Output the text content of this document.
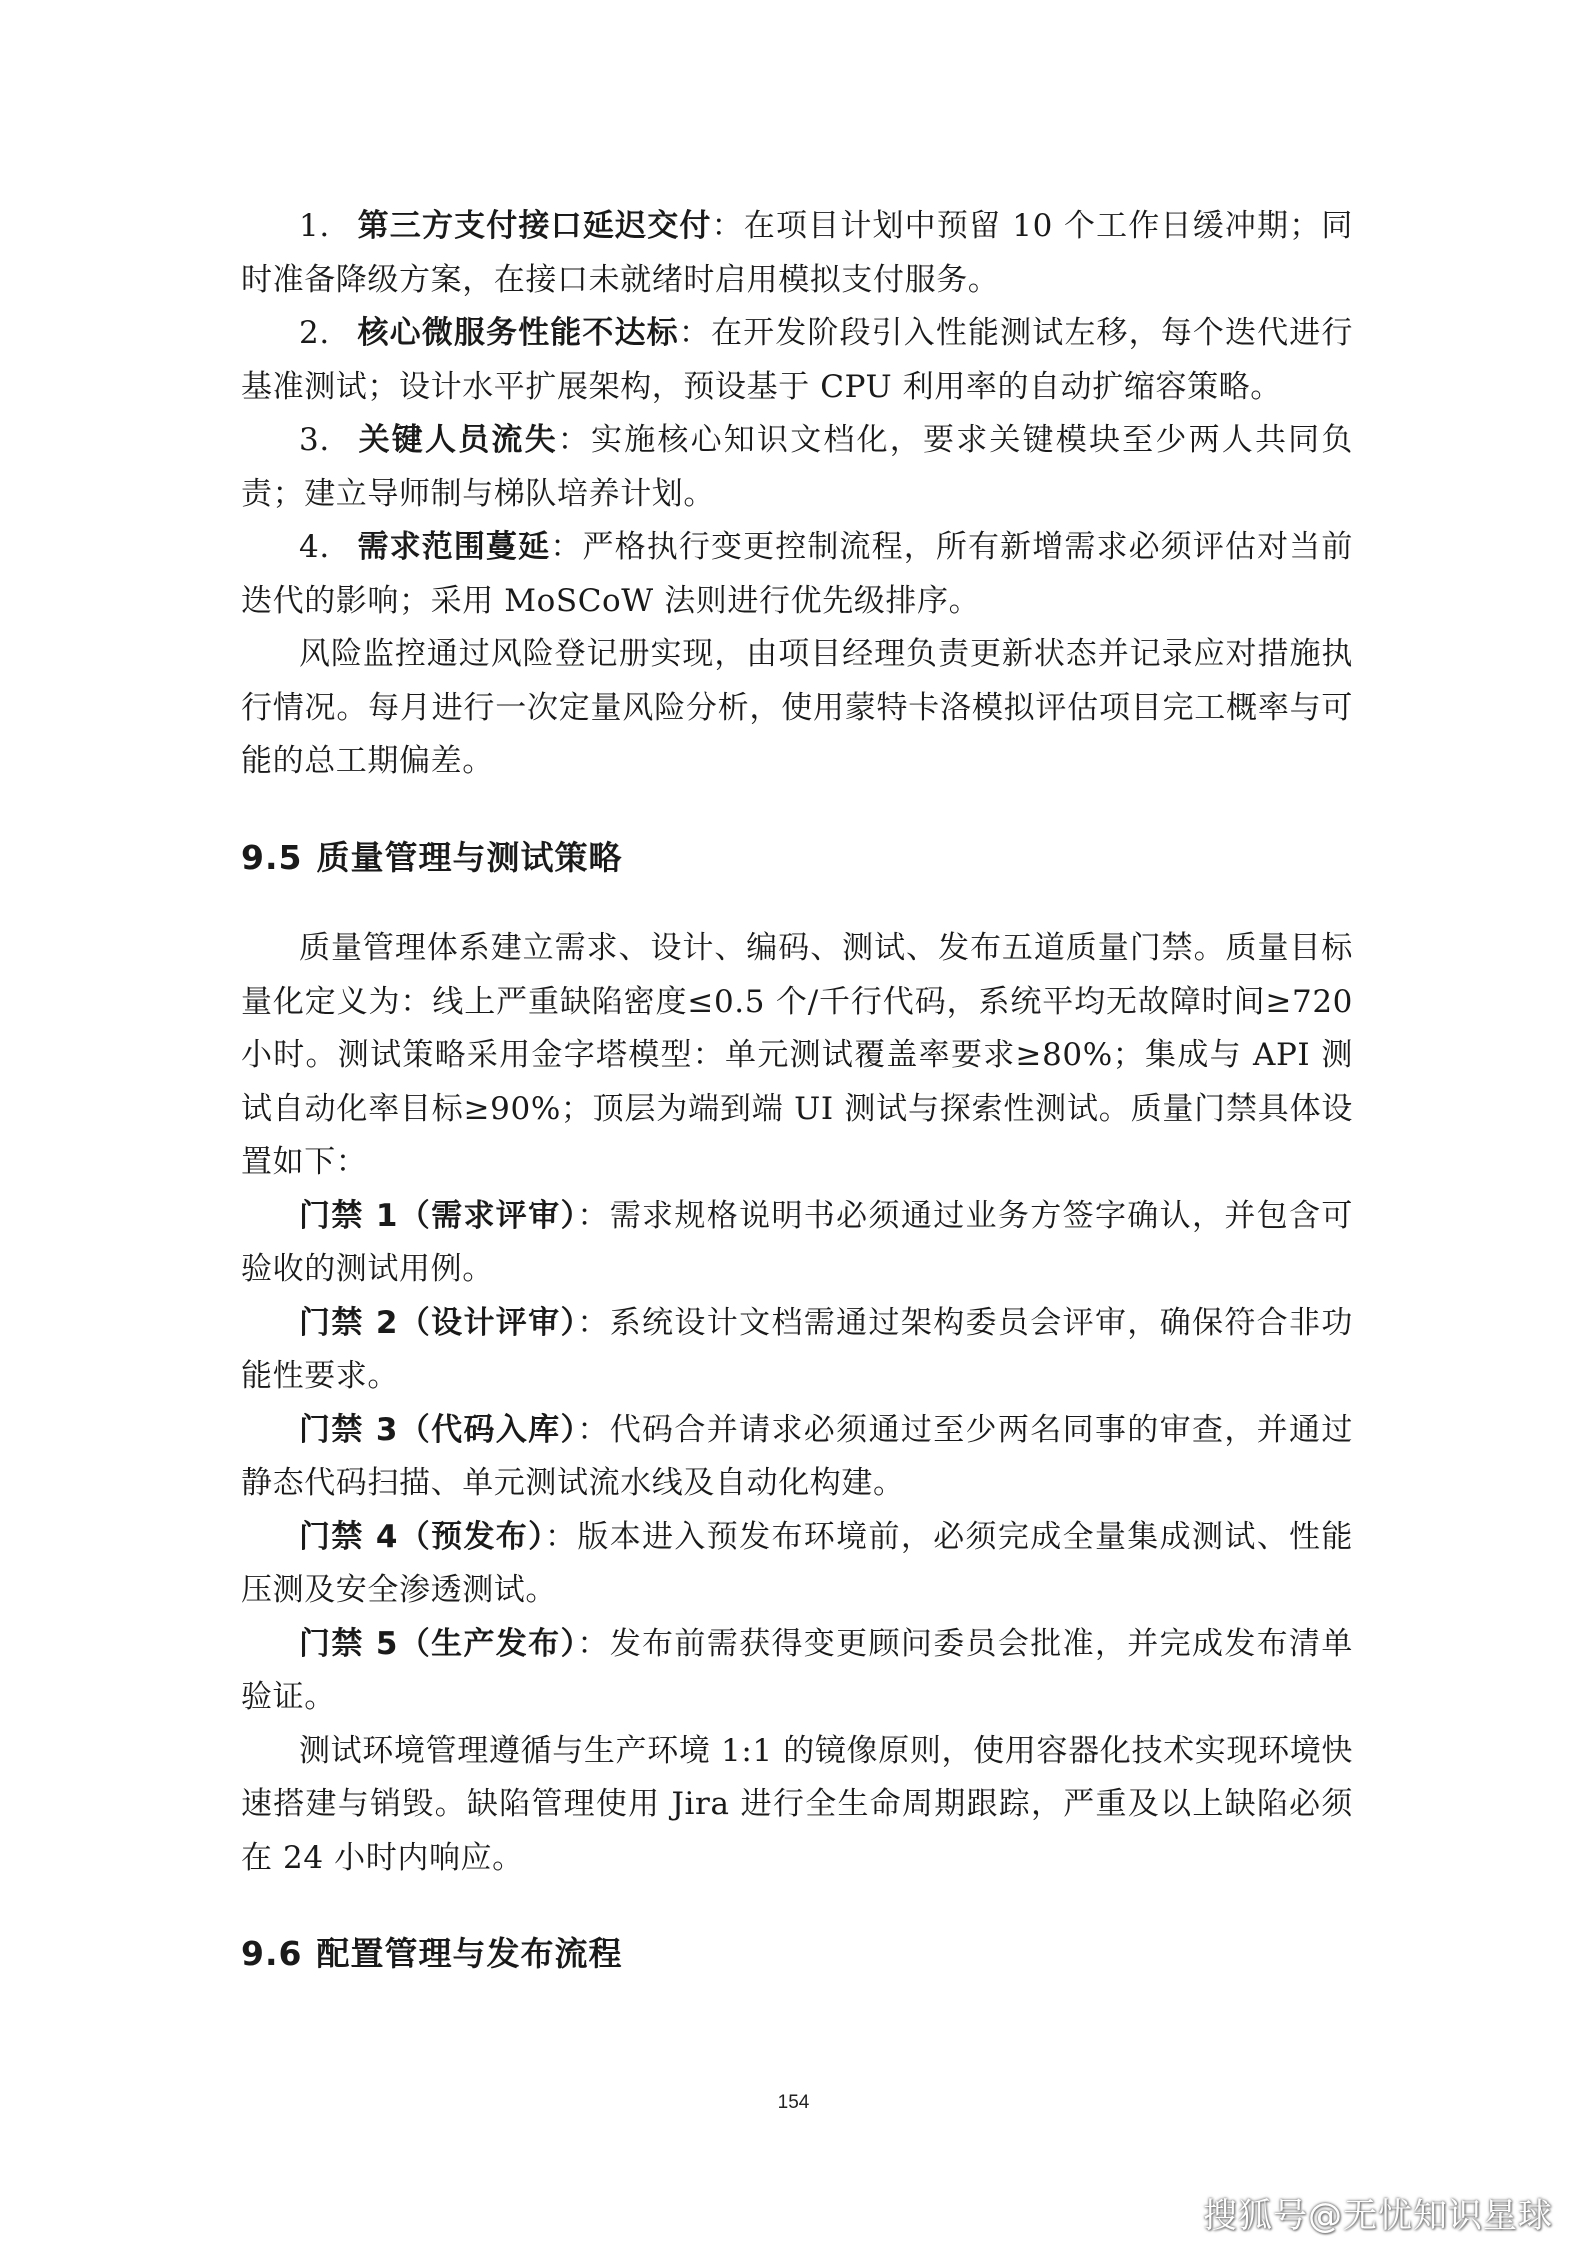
1. 第三方支付接口延迟交付：在项目计划中预留 10 个工作日缓冲期；同时准备降级方案，在接口未就绪时启用模拟支付服务。

2. 核心微服务性能不达标：在开发阶段引入性能测试左移，每个迭代进行基准测试；设计水平扩展架构，预设基于 CPU 利用率的自动扩缩容策略。

3. 关键人员流失：实施核心知识文档化，要求关键模块至少两人共同负责；建立导师制与梯队培养计划。

4. 需求范围蔓延：严格执行变更控制流程，所有新增需求必须评估对当前迭代的影响；采用 MoSCoW 法则进行优先级排序。

风险监控通过风险登记册实现，由项目经理负责更新状态并记录应对措施执行情况。每月进行一次定量风险分析，使用蒙特卡洛模拟评估项目完工概率与可能的总工期偏差。

9.5 质量管理与测试策略

质量管理体系建立需求、设计、编码、测试、发布五道质量门禁。质量目标量化定义为：线上严重缺陷密度≤0.5 个/千行代码，系统平均无故障时间≥720 小时。测试策略采用金字塔模型：单元测试覆盖率要求≥80%；集成与 API 测试自动化率目标≥90%；顶层为端到端 UI 测试与探索性测试。质量门禁具体设置如下：

门禁 1（需求评审）：需求规格说明书必须通过业务方签字确认，并包含可验收的测试用例。

门禁 2（设计评审）：系统设计文档需通过架构委员会评审，确保符合非功能性要求。

门禁 3（代码入库）：代码合并请求必须通过至少两名同事的审查，并通过静态代码扫描、单元测试流水线及自动化构建。

门禁 4（预发布）：版本进入预发布环境前，必须完成全量集成测试、性能压测及安全渗透测试。

门禁 5（生产发布）：发布前需获得变更顾问委员会批准，并完成发布清单验证。

测试环境管理遵循与生产环境 1:1 的镜像原则，使用容器化技术实现环境快速搭建与销毁。缺陷管理使用 Jira 进行全生命周期跟踪，严重及以上缺陷必须在 24 小时内响应。

9.6 配置管理与发布流程
154
搜狐号@无忧知识星球
